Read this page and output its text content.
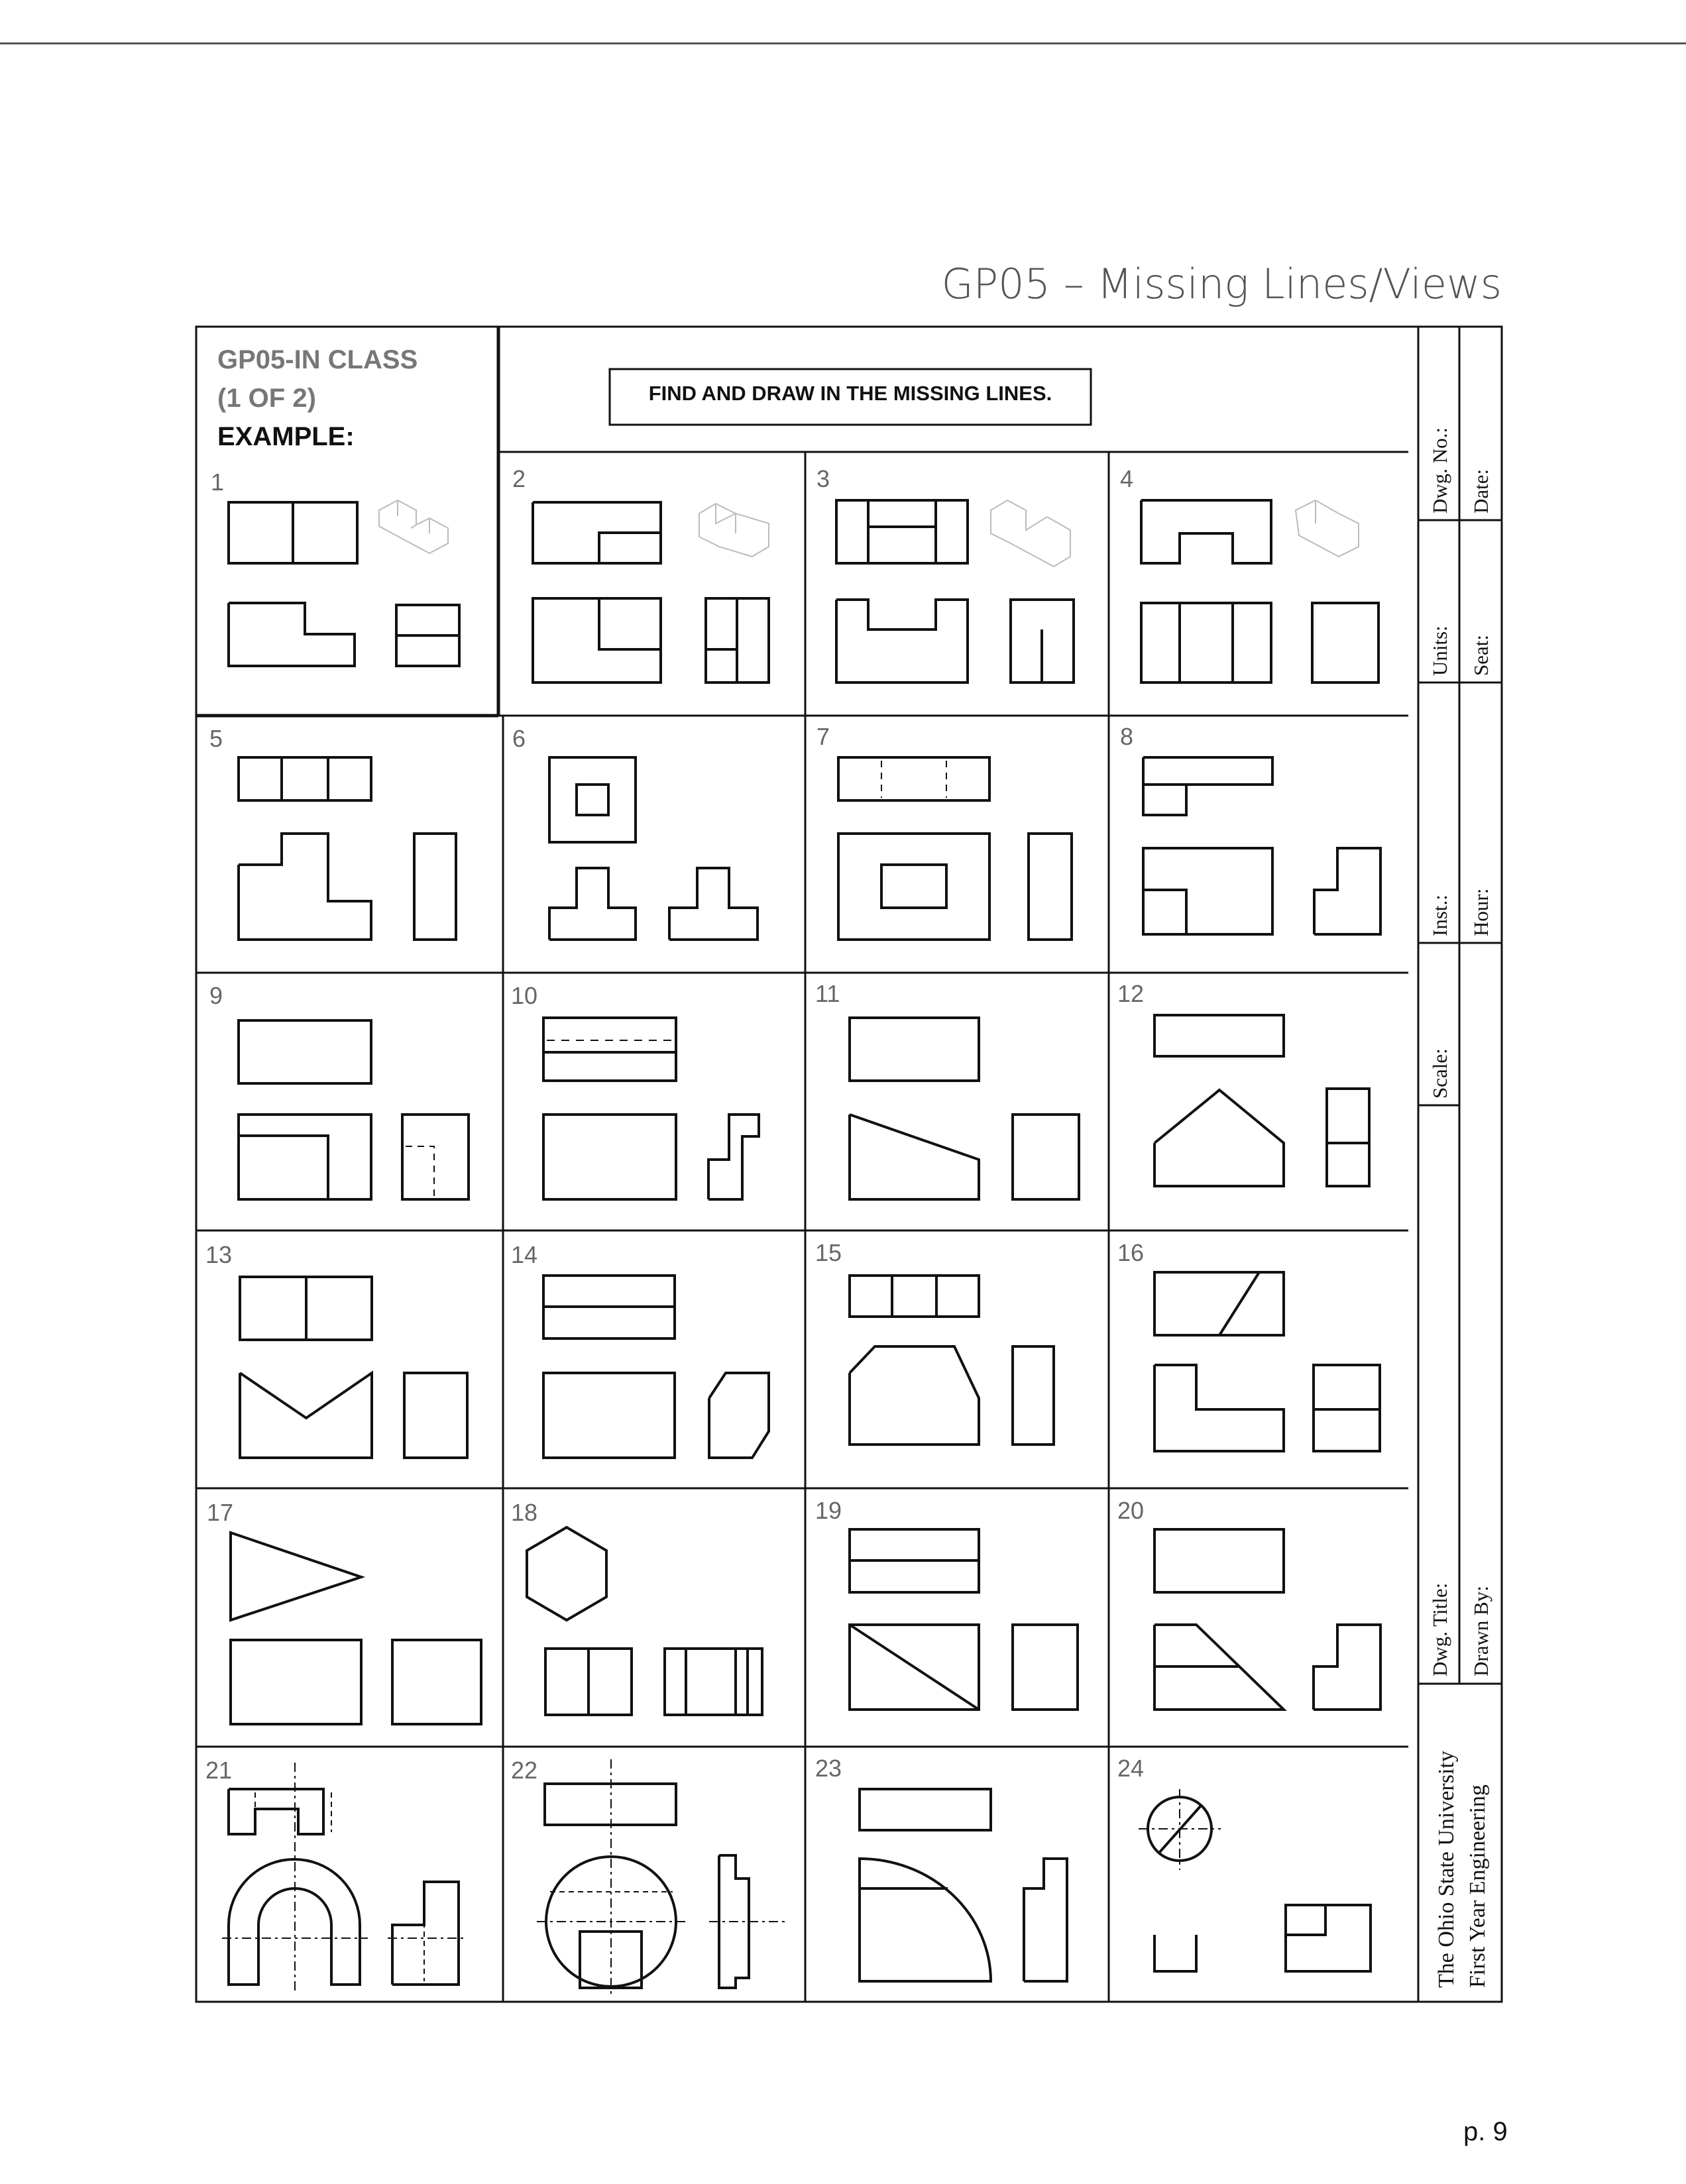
GP05 – Missing Lines/Views
GP05-IN CLASS
(1 OF 2)
EXAMPLE:
FIND AND DRAW IN THE MISSING LINES.
1	2	3	4
5	6	7	8
9	10	11	12
13	14	15	16
17	18	19	20
21	22	23	24
Dwg. No.: Date:
Units: Seat:
Inst.: Hour:
Scale:
Dwg. Title: Drawn By:
The Ohio State University First Year Engineering
p. 9
